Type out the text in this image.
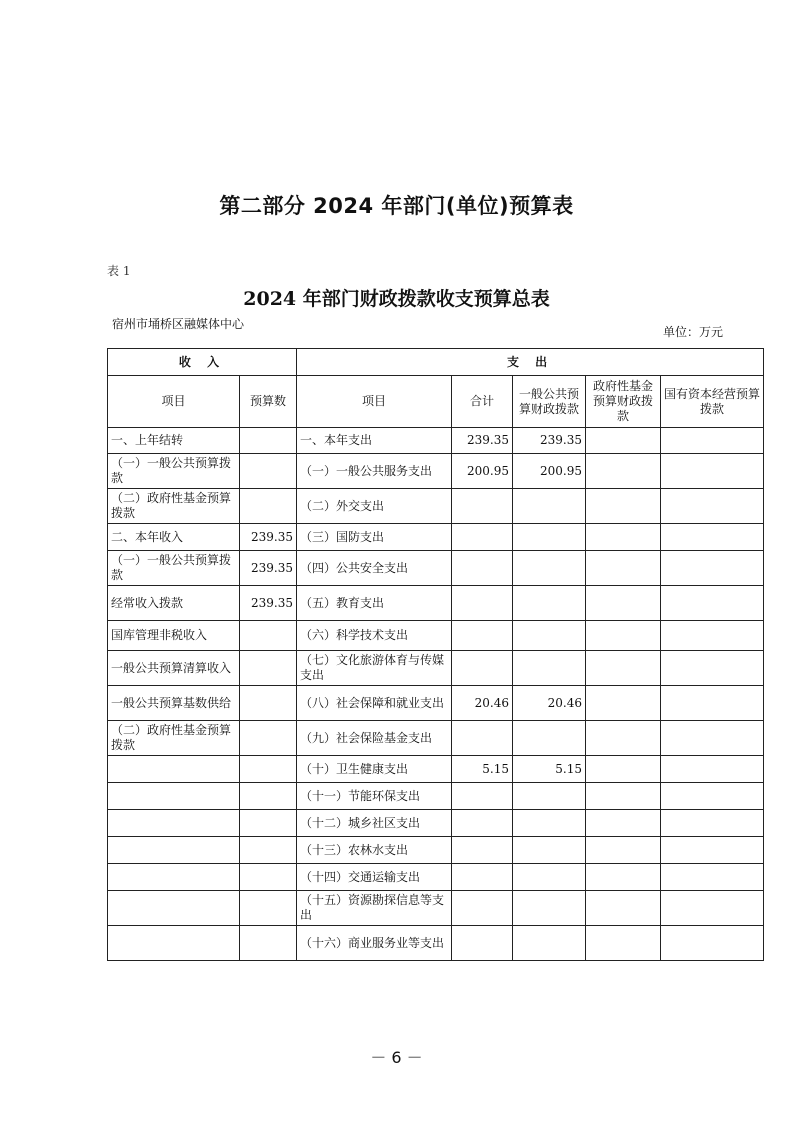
第二部分 2024 年部门(单位)预算表
表 1
2024 年部门财政拨款收支预算总表
宿州市埇桥区融媒体中心
单位：万元
收 入		支 出				
项目	预算数	项目	合计	一般公共预算财政拨款	政府性基金预算财政拨款	国有资本经营预算拨款
一、上年结转		一、本年支出	239.35	239.35		
（一）一般公共预算拨款		（一）一般公共服务支出	200.95	200.95		
（二）政府性基金预算拨款		（二）外交支出				
二、本年收入	239.35	（三）国防支出				
（一）一般公共预算拨款	239.35	（四）公共安全支出				
经常收入拨款	239.35	（五）教育支出				
国库管理非税收入		（六）科学技术支出				
一般公共预算清算收入		（七）文化旅游体育与传媒支出				
一般公共预算基数供给		（八）社会保障和就业支出	20.46	20.46		
（二）政府性基金预算拨款		（九）社会保险基金支出				
		（十）卫生健康支出	5.15	5.15		
		（十一）节能环保支出				
		（十二）城乡社区支出				
		（十三）农林水支出				
		（十四）交通运输支出				
		（十五）资源勘探信息等支出				
		（十六）商业服务业等支出				
－ 6 －
